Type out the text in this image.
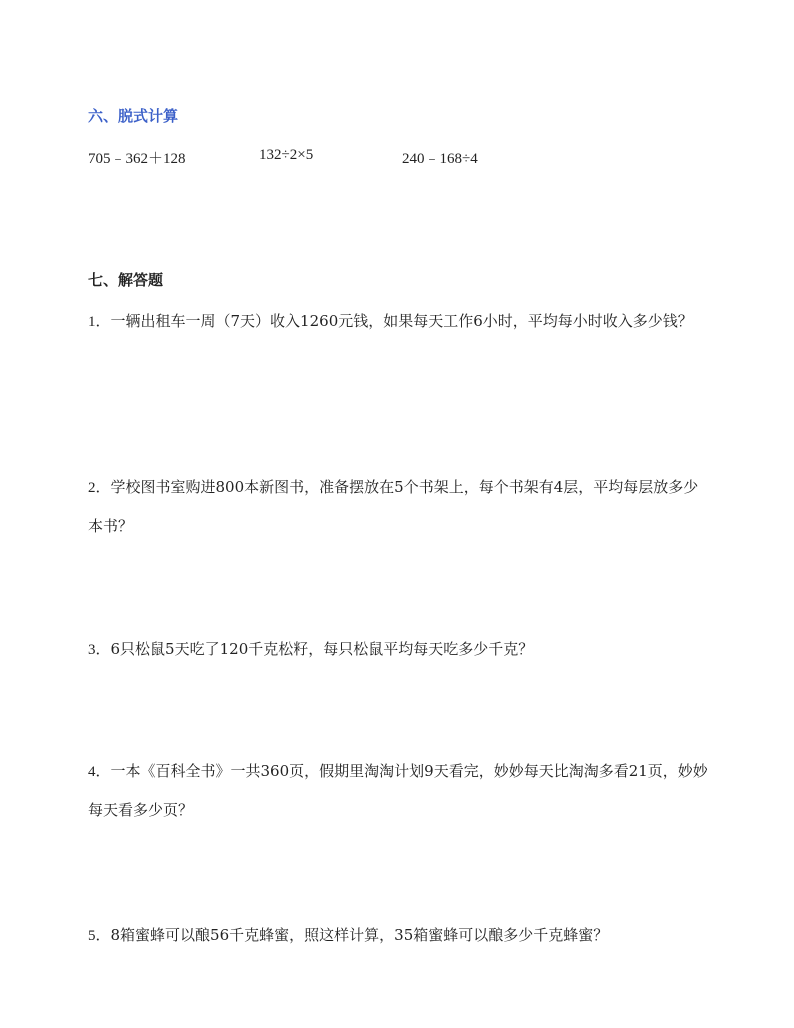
六、脱式计算
705﹣362＋128	132÷2×5	240﹣168÷4
七、解答题
1．一辆出租车一周（7天）收入1260元钱，如果每天工作6小时，平均每小时收入多少钱？
2．学校图书室购进800本新图书，准备摆放在5个书架上，每个书架有4层，平均每层放多少本书？
3．6只松鼠5天吃了120千克松籽，每只松鼠平均每天吃多少千克？
4．一本《百科全书》一共360页，假期里淘淘计划9天看完，妙妙每天比淘淘多看21页，妙妙每天看多少页？
5．8箱蜜蜂可以酿56千克蜂蜜，照这样计算，35箱蜜蜂可以酿多少千克蜂蜜？
